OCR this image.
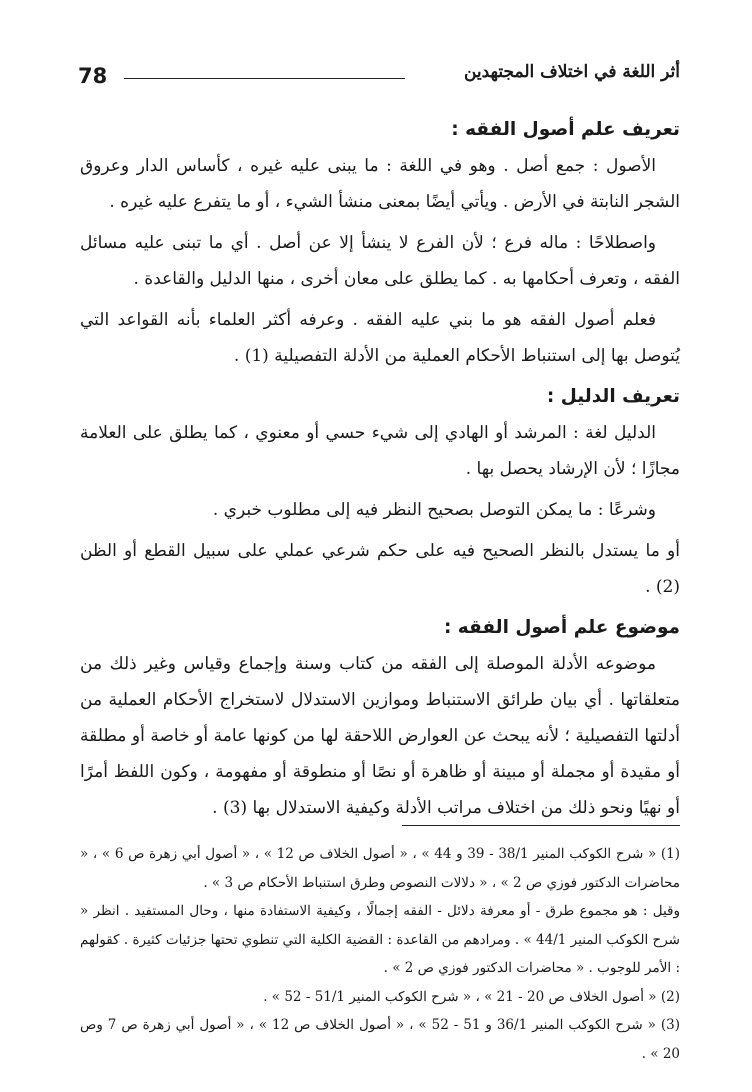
78	أثر اللغة في اختلاف المجتهدين
تعريف علم أصول الفقه :

الأصول : جمع أصل . وهو في اللغة : ما يبنى عليه غيره ، كأساس الدار وعروق الشجر النابتة في الأرض . ويأتي أيضًا بمعنى منشأ الشيء ، أو ما يتفرع عليه غيره .

واصطلاحًا : ماله فرع ؛ لأن الفرع لا ينشأ إلا عن أصل . أي ما تبنى عليه مسائل الفقه ، وتعرف أحكامها به . كما يطلق على معان أخرى ، منها الدليل والقاعدة .

فعلم أصول الفقه هو ما بني عليه الفقه . وعرفه أكثر العلماء بأنه القواعد التي يُتوصل بها إلى استنباط الأحكام العملية من الأدلة التفصيلية (1) .

تعريف الدليل :

الدليل لغة : المرشد أو الهادي إلى شيء حسي أو معنوي ، كما يطلق على العلامة مجازًا ؛ لأن الإرشاد يحصل بها .

وشرعًا : ما يمكن التوصل بصحيح النظر فيه إلى مطلوب خبري .

أو ما يستدل بالنظر الصحيح فيه على حكم شرعي عملي على سبيل القطع أو الظن (2) .

موضوع علم أصول الفقه :

موضوعه الأدلة الموصلة إلى الفقه من كتاب وسنة وإجماع وقياس وغير ذلك من متعلقاتها . أي بيان طرائق الاستنباط وموازين الاستدلال لاستخراج الأحكام العملية من أدلتها التفصيلية ؛ لأنه يبحث عن العوارض اللاحقة لها من كونها عامة أو خاصة أو مطلقة أو مقيدة أو مجملة أو مبينة أو ظاهرة أو نصًا أو منطوقة أو مفهومة ، وكون اللفظ أمرًا أو نهيًا ونحو ذلك من اختلاف مراتب الأدلة وكيفية الاستدلال بها (3) .

(1) « شرح الكوكب المنير 38/1 - 39 و 44 » ، « أصول الخلاف ص 12 » ، « أصول أبي زهرة ص 6 » ، « محاضرات الدكتور فوزي ص 2 » ، « دلالات النصوص وطرق استنباط الأحكام ص 3 » .

وقيل : هو مجموع طرق - أو معرفة دلائل - الفقه إجمالًا ، وكيفية الاستفادة منها ، وحال المستفيد . انظر « شرح الكوكب المنير 44/1 » . ومرادهم من القاعدة : القضية الكلية التي تنطوي تحتها جزئيات كثيرة . كقولهم : الأمر للوجوب . « محاضرات الدكتور فوزي ص 2 » .

(2) « أصول الخلاف ص 20 - 21 » ، « شرح الكوكب المنير 51/1 - 52 » .

(3) « شرح الكوكب المنير 36/1 و 51 - 52 » ، « أصول الخلاف ص 12 » ، « أصول أبي زهرة ص 7 وص 20 » .
